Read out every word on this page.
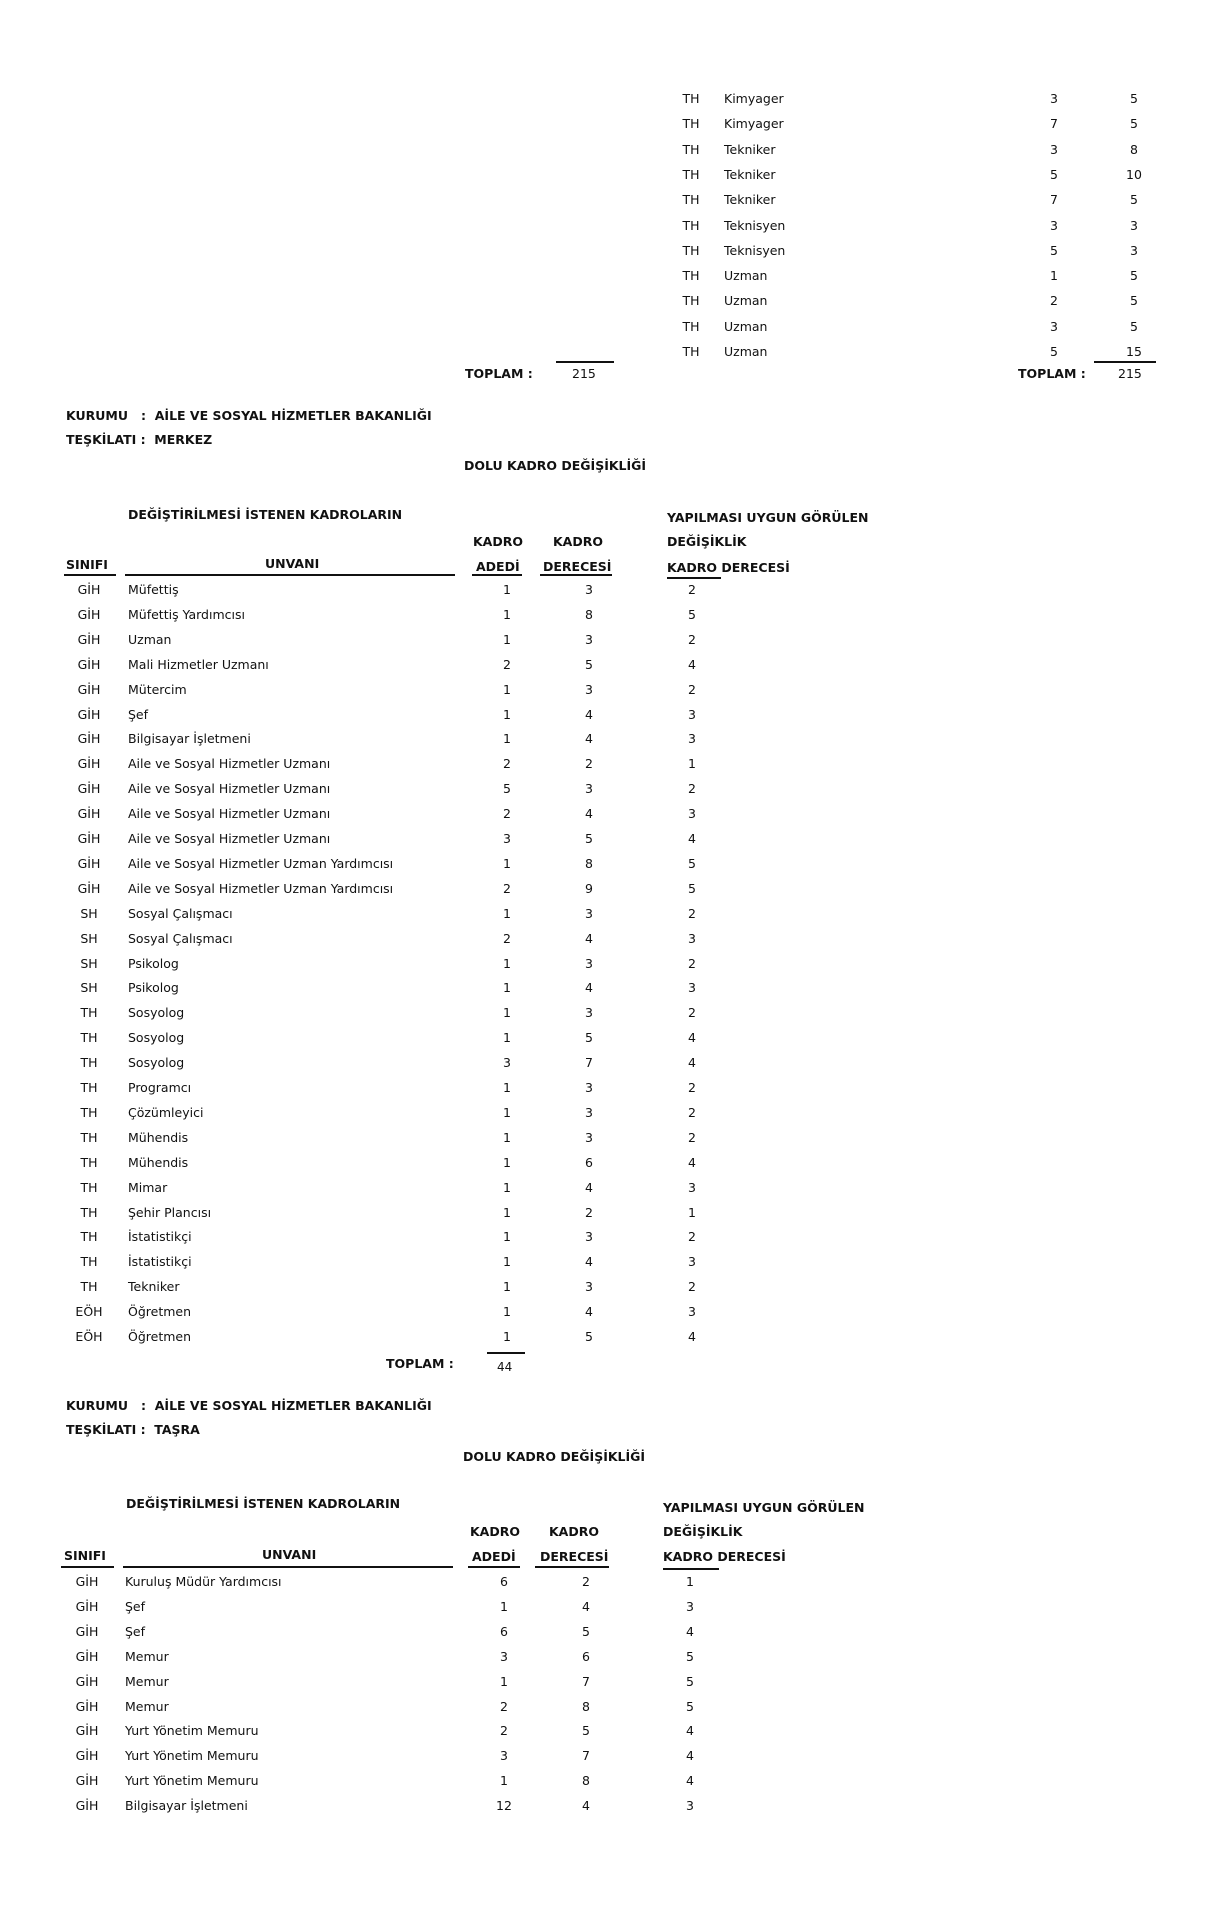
TH Kimyager	3	5
TH Kimyager	7	5
TH Tekniker	3	8
TH Tekniker	5	10
TH Tekniker	7	5
TH Teknisyen	3	3
TH Teknisyen	5	3
TH Uzman	1	5
TH Uzman	2	5
TH Uzman	3	5
TH Uzman	5	15
TOPLAM :	215	TOPLAM :	215
KURUMU   :  AİLE VE SOSYAL HİZMETLER BAKANLIĞI
TEŞKİLATI :  MERKEZ
DOLU KADRO DEĞİŞİKLİĞİ
DEĞİŞTİRİLMESİ İSTENEN KADROLARIN	YAPILMASI UYGUN GÖRÜLEN
DEĞİŞİKLİK
KADRO DERECESİ
KADRO KADRO
SINIFI	UNVANI	ADEDİ DERECESİ
GİH	Müfettiş	1	3	2
GİH	Müfettiş Yardımcısı	1	8	5
GİH	Uzman	1	3	2
GİH	Mali Hizmetler Uzmanı	2	5	4
GİH	Mütercim	1	3	2
GİH	Şef	1	4	3
GİH	Bilgisayar İşletmeni	1	4	3
GİH	Aile ve Sosyal Hizmetler Uzmanı	2	2	1
GİH	Aile ve Sosyal Hizmetler Uzmanı	5	3	2
GİH	Aile ve Sosyal Hizmetler Uzmanı	2	4	3
GİH	Aile ve Sosyal Hizmetler Uzmanı	3	5	4
GİH	Aile ve Sosyal Hizmetler Uzman Yardımcısı	1	8	5
GİH	Aile ve Sosyal Hizmetler Uzman Yardımcısı	2	9	5
SH	Sosyal Çalışmacı	1	3	2
SH	Sosyal Çalışmacı	2	4	3
SH	Psikolog	1	3	2
SH	Psikolog	1	4	3
TH	Sosyolog	1	3	2
TH	Sosyolog	1	5	4
TH	Sosyolog	3	7	4
TH	Programcı	1	3	2
TH	Çözümleyici	1	3	2
TH	Mühendis	1	3	2
TH	Mühendis	1	6	4
TH	Mimar	1	4	3
TH	Şehir Plancısı	1	2	1
TH	İstatistikçi	1	3	2
TH	İstatistikçi	1	4	3
TH	Tekniker	1	3	2
EÖH Öğretmen	1	4	3
EÖH Öğretmen	1	5	4
TOPLAM :	44
KURUMU   :  AİLE VE SOSYAL HİZMETLER BAKANLIĞI
TEŞKİLATI :  TAŞRA
DOLU KADRO DEĞİŞİKLİĞİ
DEĞİŞTİRİLMESİ İSTENEN KADROLARIN	YAPILMASI UYGUN GÖRÜLEN
DEĞİŞİKLİK
KADRO DERECESİ
KADRO KADRO
SINIFI	UNVANI	ADEDİ DERECESİ
GİH	Kuruluş Müdür Yardımcısı	6	2	1
GİH	Şef	1	4	3
GİH	Şef	6	5	4
GİH	Memur	3	6	5
GİH	Memur	1	7	5
GİH	Memur	2	8	5
GİH	Yurt Yönetim Memuru	2	5	4
GİH	Yurt Yönetim Memuru	3	7	4
GİH	Yurt Yönetim Memuru	1	8	4
GİH	Bilgisayar İşletmeni	12	4	3
